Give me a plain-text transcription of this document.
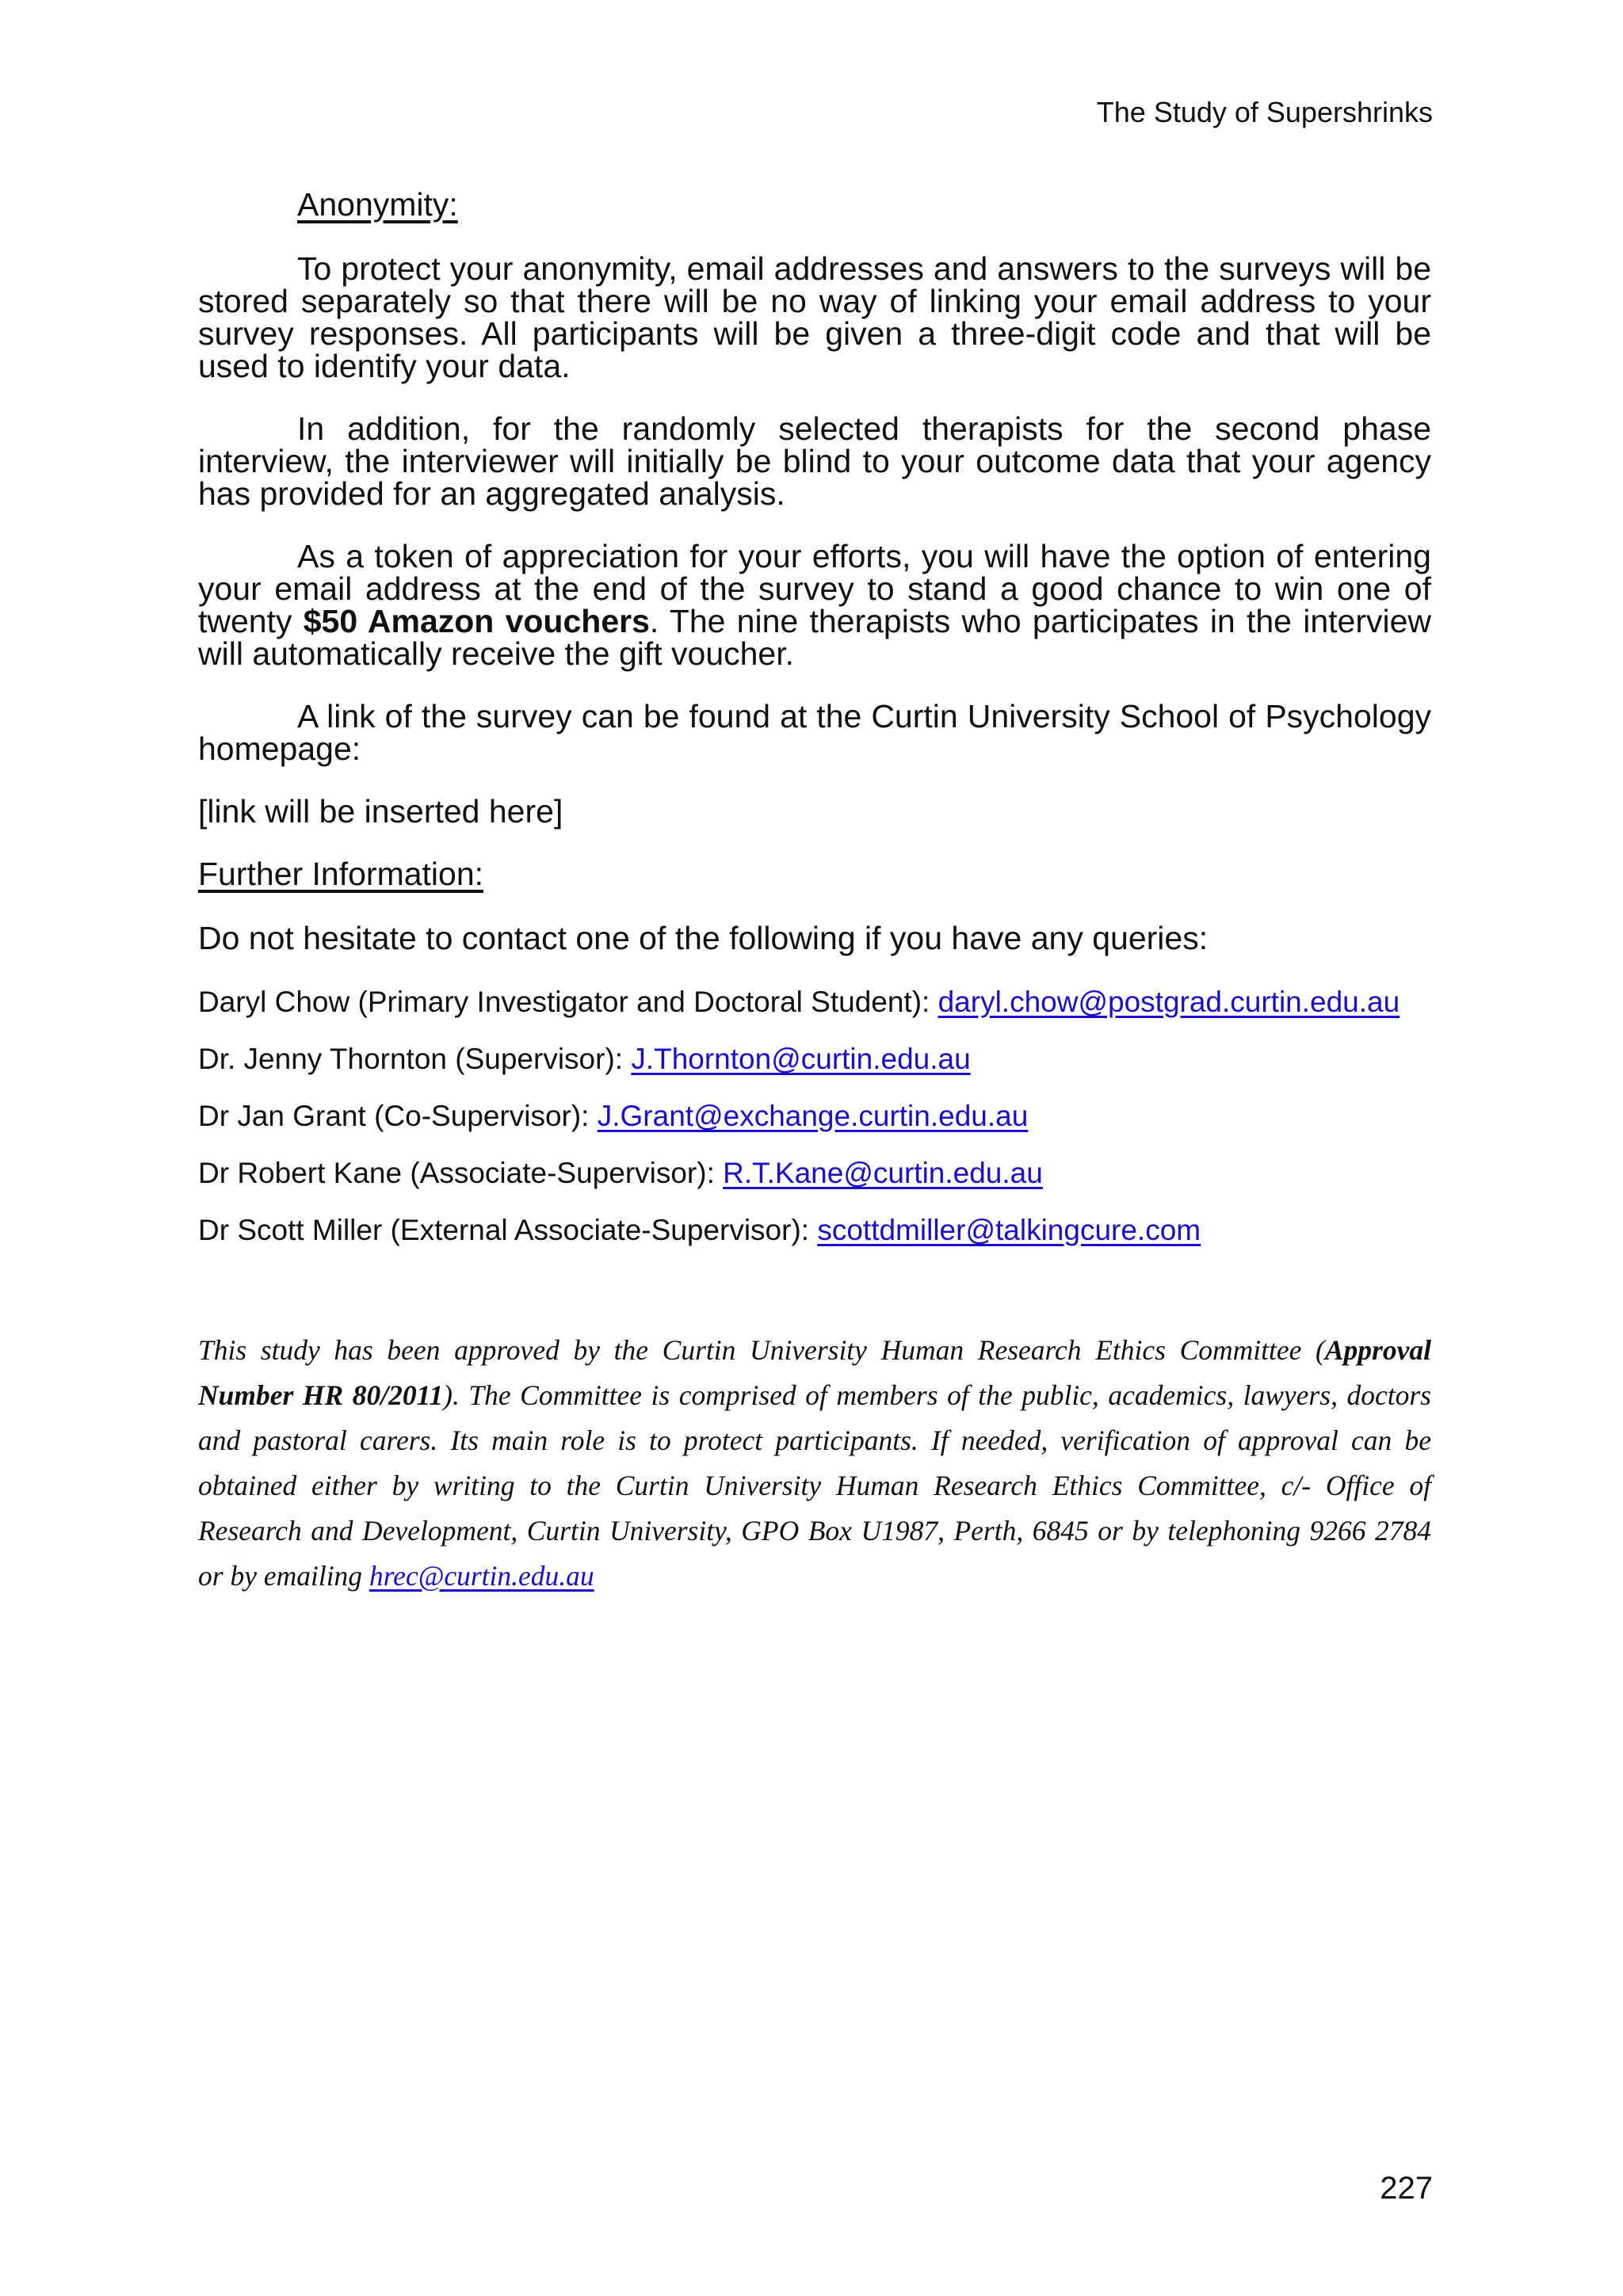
The Study of Supershrinks

Anonymity:

To protect your anonymity, email addresses and answers to the surveys will be stored separately so that there will be no way of linking your email address to your survey responses. All participants will be given a three-digit code and that will be used to identify your data.

In addition, for the randomly selected therapists for the second phase interview, the interviewer will initially be blind to your outcome data that your agency has provided for an aggregated analysis.

As a token of appreciation for your efforts, you will have the option of entering your email address at the end of the survey to stand a good chance to win one of twenty $50 Amazon vouchers. The nine therapists who participates in the interview will automatically receive the gift voucher.

A link of the survey can be found at the Curtin University School of Psychology homepage:

[link will be inserted here]

Further Information:

Do not hesitate to contact one of the following if you have any queries:

Daryl Chow (Primary Investigator and Doctoral Student): daryl.chow@postgrad.curtin.edu.au

Dr. Jenny Thornton (Supervisor): J.Thornton@curtin.edu.au

Dr Jan Grant (Co-Supervisor): J.Grant@exchange.curtin.edu.au

Dr Robert Kane (Associate-Supervisor): R.T.Kane@curtin.edu.au

Dr Scott Miller (External Associate-Supervisor): scottdmiller@talkingcure.com

This study has been approved by the Curtin University Human Research Ethics Committee (Approval Number HR 80/2011). The Committee is comprised of members of the public, academics, lawyers, doctors and pastoral carers. Its main role is to protect participants. If needed, verification of approval can be obtained either by writing to the Curtin University Human Research Ethics Committee, c/- Office of Research and Development, Curtin University, GPO Box U1987, Perth, 6845 or by telephoning 9266 2784 or by emailing hrec@curtin.edu.au

227
